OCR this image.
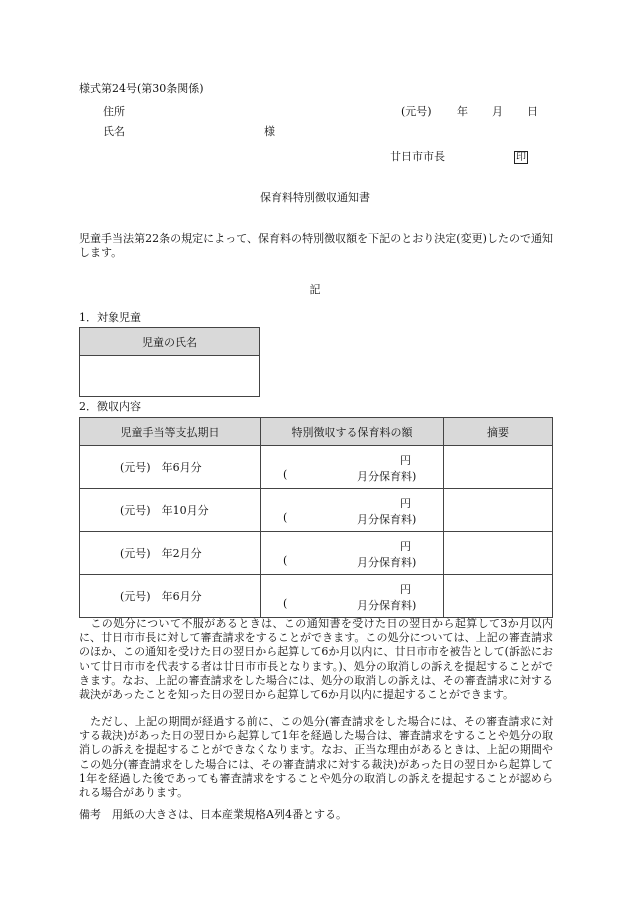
様式第24号(第30条関係)
住所	(元号) 年 月 日
氏名	様
廿日市市長	印
保育料特別徴収通知書
児童手当法第22条の規定によって、保育料の特別徴収額を下記のとおり決定(変更)したので通知します。
記
1．対象児童
児童の氏名

2．徴収内容
児童手当等支払期日	特別徴収する保育料の額	摘要
(元号)　 年6月分	円
( 月分保育料)	

(元号)　 年10月分	円
( 月分保育料)	

(元号)　 年2月分	円
( 月分保育料)	

(元号)　 年6月分	円
( 月分保育料)	

　この処分について不服があるときは、この通知書を受けた日の翌日から起算して3か月以内に、廿日市市長に対して審査請求をすることができます。この処分については、上記の審査請求のほか、この通知を受けた日の翌日から起算して6か月以内に、廿日市市を被告として(訴訟において廿日市市を代表する者は廿日市市長となります。)、処分の取消しの訴えを提起することができます。なお、上記の審査請求をした場合には、処分の取消しの訴えは、その審査請求に対する裁決があったことを知った日の翌日から起算して6か月以内に提起することができます。
　ただし、上記の期間が経過する前に、この処分(審査請求をした場合には、その審査請求に対する裁決)があった日の翌日から起算して1年を経過した場合は、審査請求をすることや処分の取消しの訴えを提起することができなくなります。なお、正当な理由があるときは、上記の期間やこの処分(審査請求をした場合には、その審査請求に対する裁決)があった日の翌日から起算して1年を経過した後であっても審査請求をすることや処分の取消しの訴えを提起することが認められる場合があります。
備考　用紙の大きさは、日本産業規格A列4番とする。
